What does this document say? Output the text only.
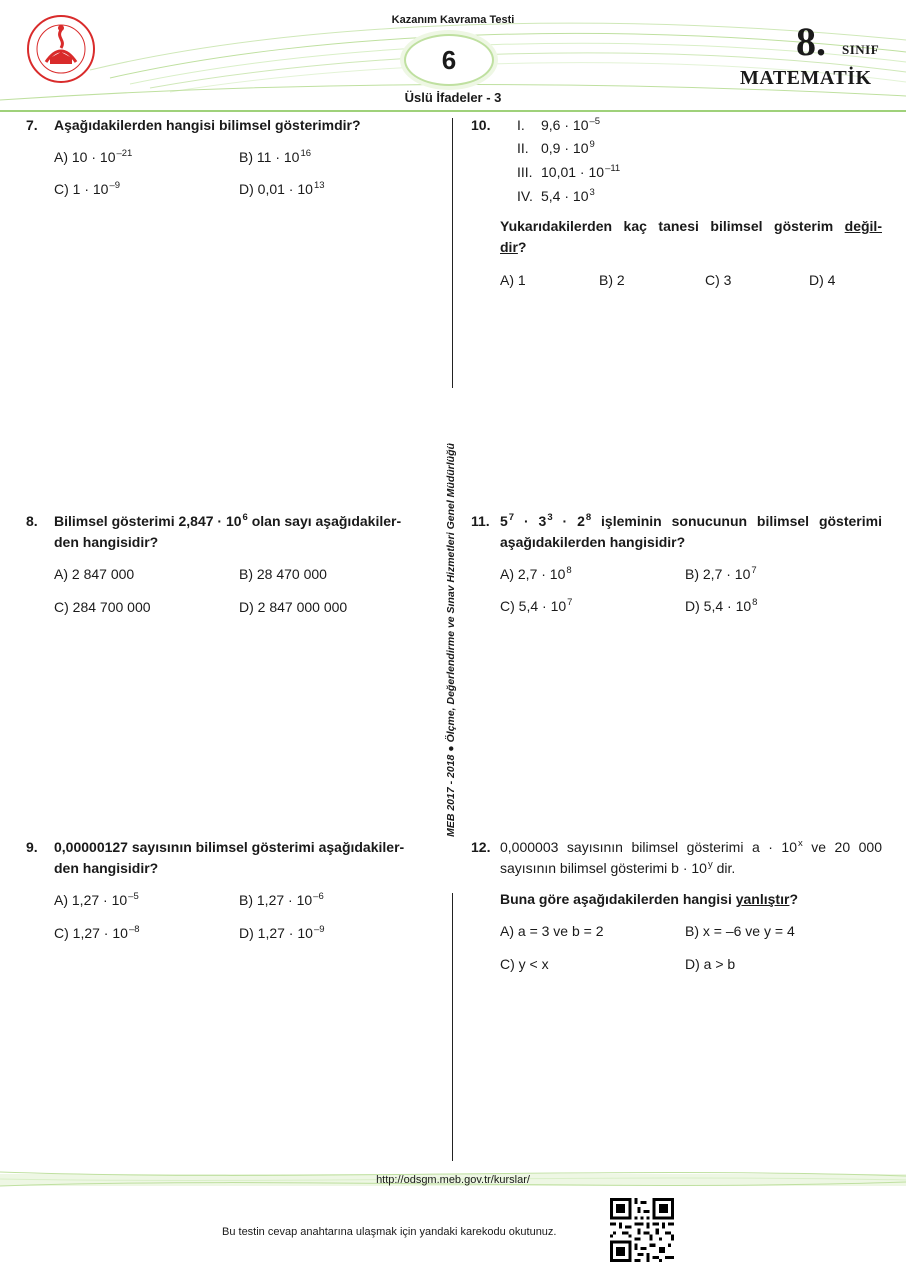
Kazanım Kavrama Testi
6	8. SINIF
MATEMATİK
Üslü İfadeler - 3
MEB 2017 - 2018 ● Ölçme, Değerlendirme ve Sınav Hizmetleri Genel Müdürlüğü
7. Aşağıdakilerden hangisi bilimsel gösterimdir?
A) $10 \cdot 10^{-21}$	B) $11 \cdot 10^{16}$
C) $1 \cdot 10^{-9}$	D) $0,01 \cdot 10^{13}$
8. Bilimsel gösterimi $2,847 \cdot 10^6$ olan sayı aşağıdakiler-
den hangisidir?
A) 2 847 000	B) 28 470 000
C) 284 700 000	D) 2 847 000 000
9. 0,00000127 sayısının bilimsel gösterimi aşağıdakiler-
den hangisidir?
A) $1,27 \cdot 10^{-5}$	B) $1,27 \cdot 10^{-6}$
C) $1,27 \cdot 10^{-8}$	D) $1,27 \cdot 10^{-9}$
10. I. $9,6 \cdot 10^{-5}$
II. $0,9 \cdot 10^9$
III. $10,01 \cdot 10^{-11}$
IV. $5,4 \cdot 10^3$
Yukarıdakilerden kaç tanesi bilimsel gösterim değil-
dir?
A) 1	B) 2	C) 3	D) 4
11. $5^7 \cdot 3^3 \cdot 2^8$ işleminin sonucunun bilimsel gösterimi
aşağıdakilerden hangisidir?
A) $2,7 \cdot 10^8$	B) $2,7 \cdot 10^7$
C) $5,4 \cdot 10^7$	D) $5,4 \cdot 10^8$
12. 0,000003 sayısının bilimsel gösterimi $a \cdot 10^x$ ve 20 000
sayısının bilimsel gösterimi $b \cdot 10^y$ dir.
Buna göre aşağıdakilerden hangisi yanlıştır?
A) a = 3 ve b = 2	B) x = –6 ve y = 4
C) y < x	D) a > b
http://odsgm.meb.gov.tr/kurslar/
Bu testin cevap anahtarına ulaşmak için yandaki karekodu okutunuz.
